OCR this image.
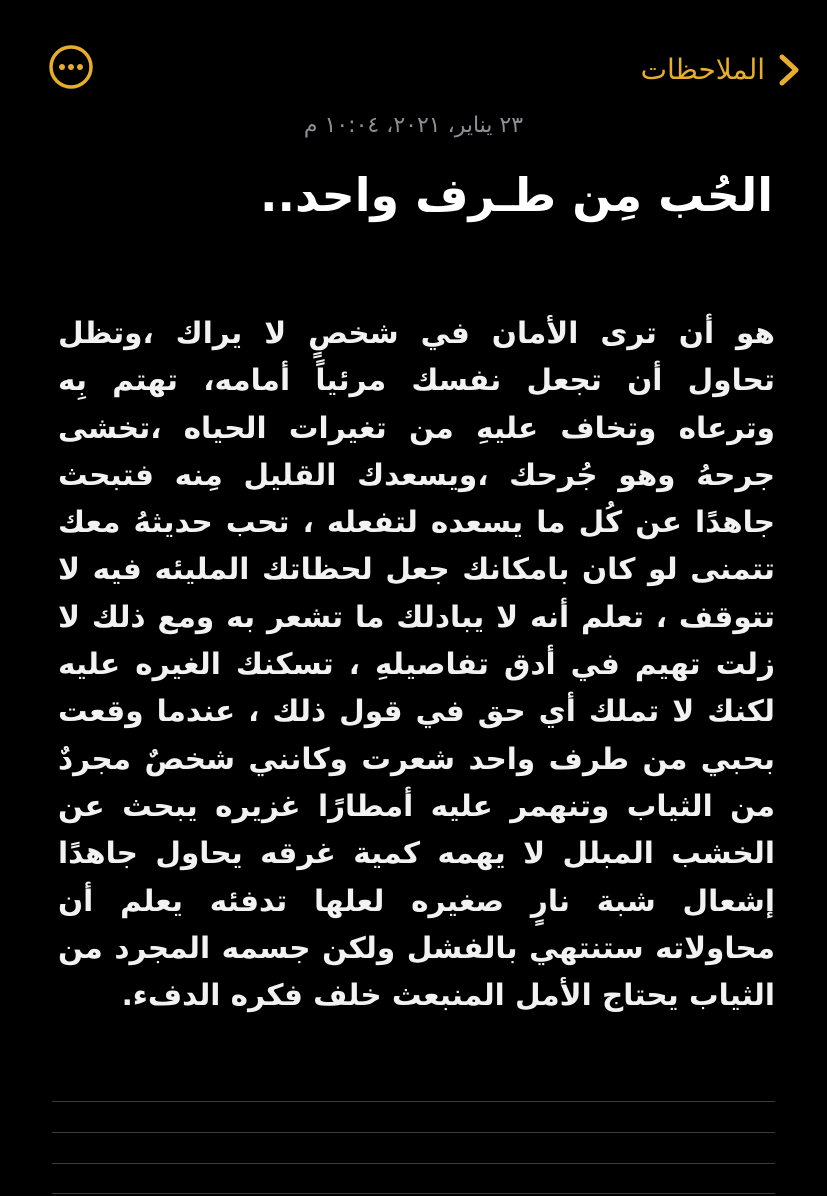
الملاحظات
٢٣ يناير، ٢٠٢١، ١٠:٠٤ م
الحُب مِن طـرف واحد..

هو أن ترى الأمان في شخصٍ لا يراك ،وتظل تحاول أن تجعل نفسك مرئياً أمامه، تهتم بِه وترعاه وتخاف عليهِ من تغيرات الحياه ،تخشى جرحهُ وهو جُرحك ،ويسعدك القليل مِنه فتبحث جاهدًا عن كُل ما يسعده لتفعله ، تحب حديثهُ معك تتمنى لو كان بامكانك جعل لحظاتك المليئه فيه لا تتوقف ، تعلم أنه لا يبادلك ما تشعر به ومع ذلك لا زلت تهيم في أدق تفاصيلهِ ، تسكنك الغيره عليه لكنك لا تملك أي حق في قول ذلك ، عندما وقعت بحبي من طرف واحد شعرت وكانني شخصٌ مجردٌ من الثياب وتنهمر عليه أمطارًا غزيره يبحث عن الخشب المبلل لا يهمه كمية غرقه يحاول جاهدًا إشعال شبة نارٍ صغيره لعلها تدفئه يعلم أن محاولاته ستنتهي بالفشل ولكن جسمه المجرد من الثياب يحتاج الأمل المنبعث خلف فكره الدفء.
